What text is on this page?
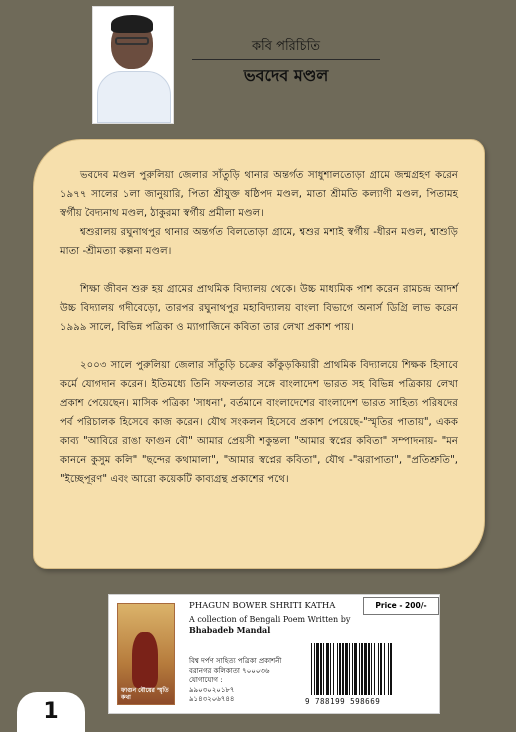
কবি পরিচিতি
ভবদেব মণ্ডল

ভবদেব মণ্ডল পুরুলিয়া জেলার সাঁতুড়ি থানার অন্তর্গত সাধুশালতোড়া গ্রামে জন্মগ্রহণ করেন ১৯৭৭ সালের ১লা জানুয়ারি, পিতা শ্রীযুক্ত ষষ্ঠিপদ মণ্ডল, মাতা শ্রীমতি কল্যাণী মণ্ডল, পিতামহ স্বর্গীয় বৈদ্যনাথ মণ্ডল, ঠাকুরমা স্বর্গীয় প্রমীলা মণ্ডল।

শ্বশুরালয় রঘুনাথপুর থানার অন্তর্গত বিলতোড়া গ্রামে, শ্বশুর মশাই স্বর্গীয় -ধীরন মণ্ডল, শ্বাশুড়ি মাতা -শ্রীমত্যা কল্পনা মণ্ডল।

শিক্ষা জীবন শুরু হয় গ্রামের প্রাথমিক বিদ্যালয় থেকে। উচ্চ মাধ্যমিক পাশ করেন রামচন্দ্র আদর্শ উচ্চ বিদ্যালয় গদীবেড়ো, তারপর রঘুনাথপুর মহাবিদ্যালয় বাংলা বিভাগে অনার্স ডিগ্রি লাভ করেন ১৯৯৯ সালে, বিভিন্ন পত্রিকা ও ম্যাগাজিনে কবিতা তার লেখা প্রকাশ পায়।

২০০৩ সালে পুরুলিয়া জেলার সাঁতুড়ি চক্রের কাঁকুড়কিয়ারী প্রাথমিক বিদ্যালয়ে শিক্ষক হিসাবে কর্মে যোগদান করেন। ইতিমধ্যে তিনি সফলতার সঙ্গে বাংলাদেশ ভারত সহ বিভিন্ন পত্রিকায় লেখা প্রকাশ পেয়েছেন। মাসিক পত্রিকা 'সাধনা', বর্তমানে বাংলাদেশের বাংলাদেশ ভারত সাহিত্য পরিষদের পর্ব পরিচালক হিসেবে কাজ করেন। যৌথ সংকলন হিসেবে প্রকাশ পেয়েছে-"স্মৃতির পাতায়", একক কাব্য "আবিরে রাঙা ফাগুন বৌ" আমার প্রেয়সী শকুন্তলা "আমার স্বপ্নের কবিতা" সম্পাদনায়- "মন কাননে কুসুম কলি" "ছন্দের কথামালা", "আমার স্বপ্নের কবিতা", যৌথ -"ঝরাপাতা", "প্রতিশ্রুতি", "ইচ্ছেপূরণ" এবং আরো কয়েকটি কাব্যগ্রন্থ প্রকাশের পথে।

ফাগুন বৌয়ের স্মৃতি কথা
PHAGUN BOWER SHRITI KATHA
A collection of Bengali Poem Written by
Bhabadeb Mandal
Price - 200/-
বিশ্ব দর্পণ সাহিত্য পত্রিকা প্রকাশনী
বরানগর কলিকাতা ৭০০০৩৬
যোগাযোগ :
৯৯০৩০২০১৮৭
৯১৪৩২০৬৭৪৪	9 788199 598669
1
